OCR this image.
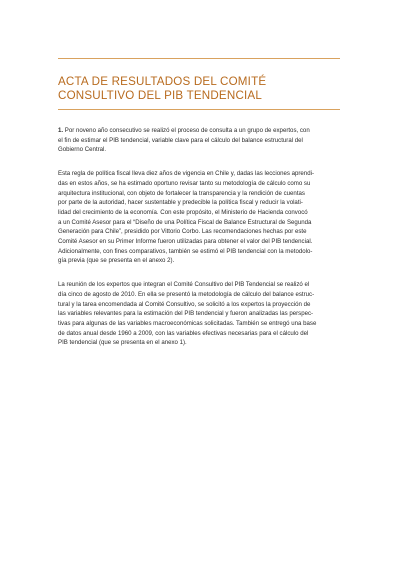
ACTA DE RESULTADOS DEL COMITÉ
CONSULTIVO DEL PIB TENDENCIAL

1. Por noveno año consecutivo se realizó el proceso de consulta a un grupo de expertos, con
el fin de estimar el PIB tendencial, variable clave para el cálculo del balance estructural del
Gobierno Central.

Esta regla de política fiscal lleva diez años de vigencia en Chile y, dadas las lecciones aprendi-
das en estos años, se ha estimado oportuno revisar tanto su metodología de cálculo como su
arquitectura institucional, con objeto de fortalecer la transparencia y la rendición de cuentas
por parte de la autoridad, hacer sustentable y predecible la política fiscal y reducir la volati-
lidad del crecimiento de la economía. Con este propósito, el Ministerio de Hacienda convocó
a un Comité Asesor para el “Diseño de una Política Fiscal de Balance Estructural de Segunda
Generación para Chile”, presidido por Vittorio Corbo. Las recomendaciones hechas por este
Comité Asesor en su Primer Informe fueron utilizadas para obtener el valor del PIB tendencial.
Adicionalmente, con fines comparativos, también se estimó el PIB tendencial con la metodolo-
gía previa (que se presenta en el anexo 2).

La reunión de los expertos que integran el Comité Consultivo del PIB Tendencial se realizó el
día cinco de agosto de 2010. En ella se presentó la metodología de cálculo del balance estruc-
tural y la tarea encomendada al Comité Consultivo, se solicitó a los expertos la proyección de
las variables relevantes para la estimación del PIB tendencial y fueron analizadas las perspec-
tivas para algunas de las variables macroeconómicas solicitadas. También se entregó una base
de datos anual desde 1960 a 2009, con las variables efectivas necesarias para el cálculo del
PIB tendencial (que se presenta en el anexo 1).
